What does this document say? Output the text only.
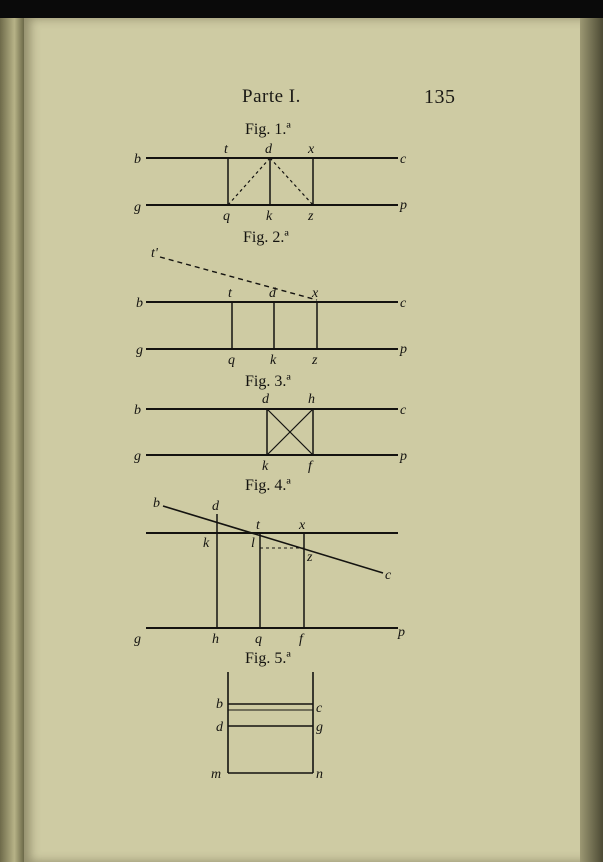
Parte I.	135
Fig. 1.ª
b	c
g	p
t	d	x
q	k	z
Fig. 2.ª
t'
b	c
g	p
t	d	x
q	k	z
Fig. 3.ª
b	c
g	p
d	h
k	f
Fig. 4.ª
b
c
g	p
d
t	x
k	l
z
h	q	f
Fig. 5.ª
b	c
d	g
m	n
